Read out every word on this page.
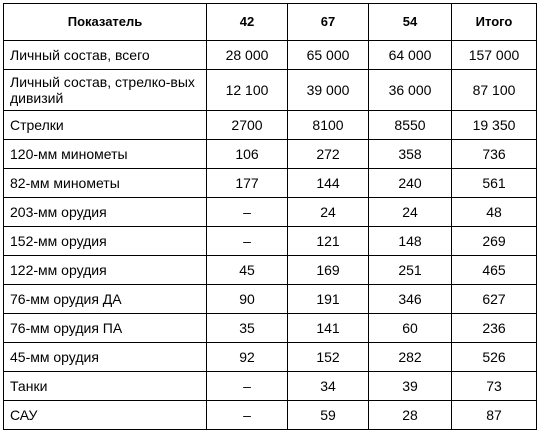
Показатель	42	67	54	Итого
Личный состав, всего	28 000	65 000	64 000	157 000
Личный состав, стрелко-вых дивизий	12 100	39 000	36 000	87 100
Стрелки	2700	8100	8550	19 350
120-мм минометы	106	272	358	736
82-мм минометы	177	144	240	561
203-мм орудия	–	24	24	48
152-мм орудия	–	121	148	269
122-мм орудия	45	169	251	465
76-мм орудия ДА	90	191	346	627
76-мм орудия ПА	35	141	60	236
45-мм орудия	92	152	282	526
Танки	–	34	39	73
САУ	–	59	28	87
